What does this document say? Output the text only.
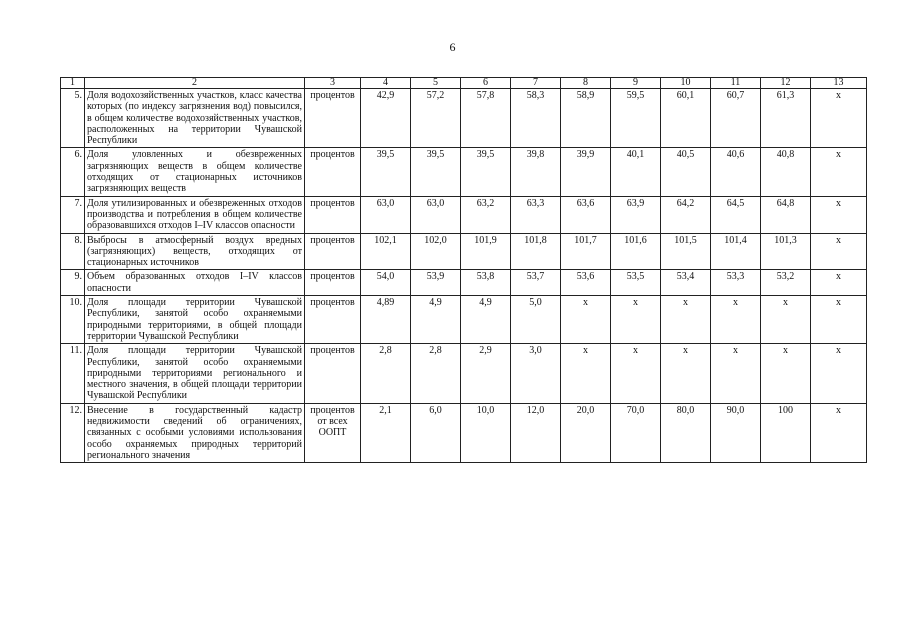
6
1	2	3	4	5	6	7	8	9	10	11	12	13
5.	Доля водохозяйственных участков, класс качества которых (по индексу загрязнения вод) повысился, в общем количестве водохозяйственных участков, расположенных на территории Чувашской Республики	процентов	42,9	57,2	57,8	58,3	58,9	59,5	60,1	60,7	61,3	х
6.	Доля уловленных и обезвреженных загрязняющих веществ в общем количестве отходящих от стационарных источников загрязняющих веществ	процентов	39,5	39,5	39,5	39,8	39,9	40,1	40,5	40,6	40,8	х
7.	Доля утилизированных и обезвреженных отходов производства и потребления в общем количестве образовавшихся отходов I–IV классов опасности	процентов	63,0	63,0	63,2	63,3	63,6	63,9	64,2	64,5	64,8	х
8.	Выбросы в атмосферный воздух вредных (загрязняющих) веществ, отходящих от стационарных источников	процентов	102,1	102,0	101,9	101,8	101,7	101,6	101,5	101,4	101,3	х
9.	Объем образованных отходов I–IV классов опасности	процентов	54,0	53,9	53,8	53,7	53,6	53,5	53,4	53,3	53,2	х
10.	Доля площади территории Чувашской Республики, занятой особо охраняемыми природными территориями, в общей площади территории Чувашской Республики	процентов	4,89	4,9	4,9	5,0	х	х	х	х	х	х
11.	Доля площади территории Чувашской Республики, занятой особо охраняемыми природными территориями регионального и местного значения, в общей площади территории Чувашской Республики	процентов	2,8	2,8	2,9	3,0	х	х	х	х	х	х
12.	Внесение в государственный кадастр недвижимости сведений об ограничениях, связанных с особыми условиями использования особо охраняемых природных территорий регионального значения	процентов от всех ООПТ	2,1	6,0	10,0	12,0	20,0	70,0	80,0	90,0	100	х
